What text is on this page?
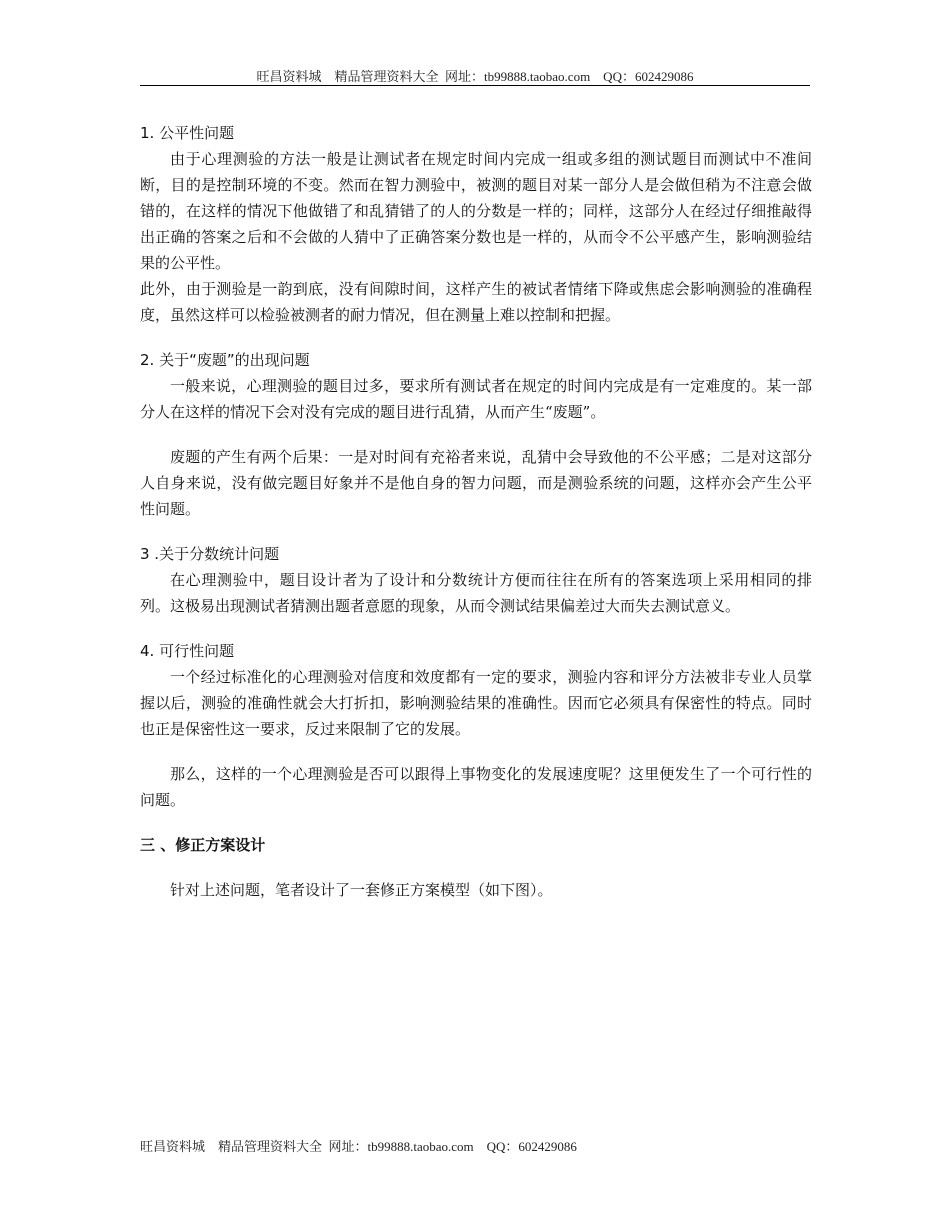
旺昌资料城    精品管理资料大全  网址：tb99888.taobao.com    QQ：602429086

1. 公平性问题

由于心理测验的方法一般是让测试者在规定时间内完成一组或多组的测试题目而测试中不准间断，目的是控制环境的不变。然而在智力测验中，被测的题目对某一部分人是会做但稍为不注意会做错的，在这样的情况下他做错了和乱猜错了的人的分数是一样的；同样，这部分人在经过仔细推敲得出正确的答案之后和不会做的人猜中了正确答案分数也是一样的，从而令不公平感产生，影响测验结果的公平性。

此外，由于测验是一韵到底，没有间隙时间，这样产生的被试者情绪下降或焦虑会影响测验的准确程度，虽然这样可以检验被测者的耐力情况，但在测量上难以控制和把握。

2. 关于“废题”的出现问题

一般来说，心理测验的题目过多，要求所有测试者在规定的时间内完成是有一定难度的。某一部分人在这样的情况下会对没有完成的题目进行乱猜，从而产生“废题”。

废题的产生有两个后果：一是对时间有充裕者来说，乱猜中会导致他的不公平感；二是对这部分人自身来说，没有做完题目好象并不是他自身的智力问题，而是测验系统的问题，这样亦会产生公平性问题。

3 .关于分数统计问题

在心理测验中，题目设计者为了设计和分数统计方便而往往在所有的答案选项上采用相同的排列。这极易出现测试者猜测出题者意愿的现象，从而令测试结果偏差过大而失去测试意义。

4. 可行性问题

一个经过标准化的心理测验对信度和效度都有一定的要求，测验内容和评分方法被非专业人员掌握以后，测验的准确性就会大打折扣，影响测验结果的准确性。因而它必须具有保密性的特点。同时也正是保密性这一要求，反过来限制了它的发展。

那么，这样的一个心理测验是否可以跟得上事物变化的发展速度呢？这里便发生了一个可行性的问题。

三 、修正方案设计

针对上述问题，笔者设计了一套修正方案模型（如下图）。

旺昌资料城    精品管理资料大全  网址：tb99888.taobao.com    QQ：602429086
